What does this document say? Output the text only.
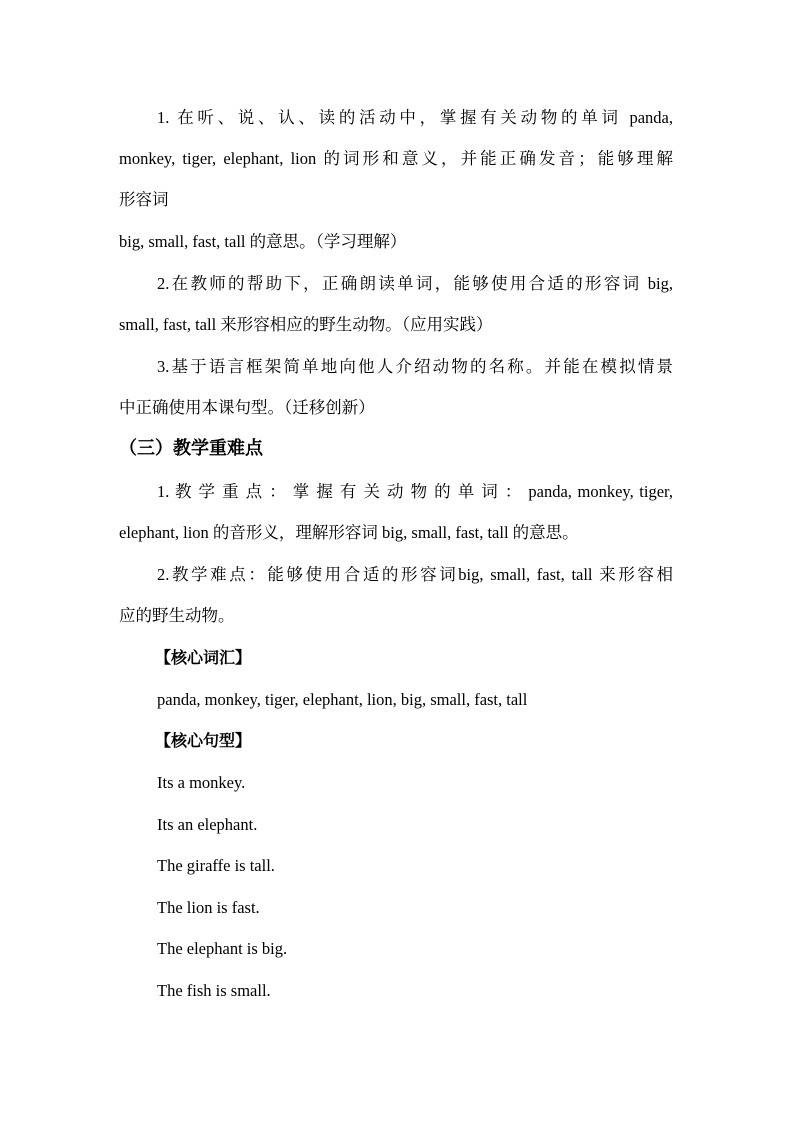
1. 在听、说、认、读的活动中，掌握有关动物的单词 panda,
monkey, tiger, elephant, lion 的词形和意义，并能正确发音；能够理解
形容词
big, small, fast, tall 的意思。（学习理解）
2.在教师的帮助下，正确朗读单词，能够使用合适的形容词 big,
small, fast, tall 来形容相应的野生动物。（应用实践）
3.基于语言框架简单地向他人介绍动物的名称。并能在模拟情景
中正确使用本课句型。（迁移创新）
（三）教学重难点
1. 教 学 重 点 ： 掌 握 有 关 动 物 的 单 词 ： panda, monkey, tiger,
elephant, lion 的音形义，理解形容词 big, small, fast, tall 的意思。
2.教学难点：能够使用合适的形容词big, small, fast, tall 来形容相
应的野生动物。
【核心词汇】
panda, monkey, tiger, elephant, lion, big, small, fast, tall
【核心句型】
Its a monkey.
Its an elephant.
The giraffe is tall.
The lion is fast.
The elephant is big.
The fish is small.
